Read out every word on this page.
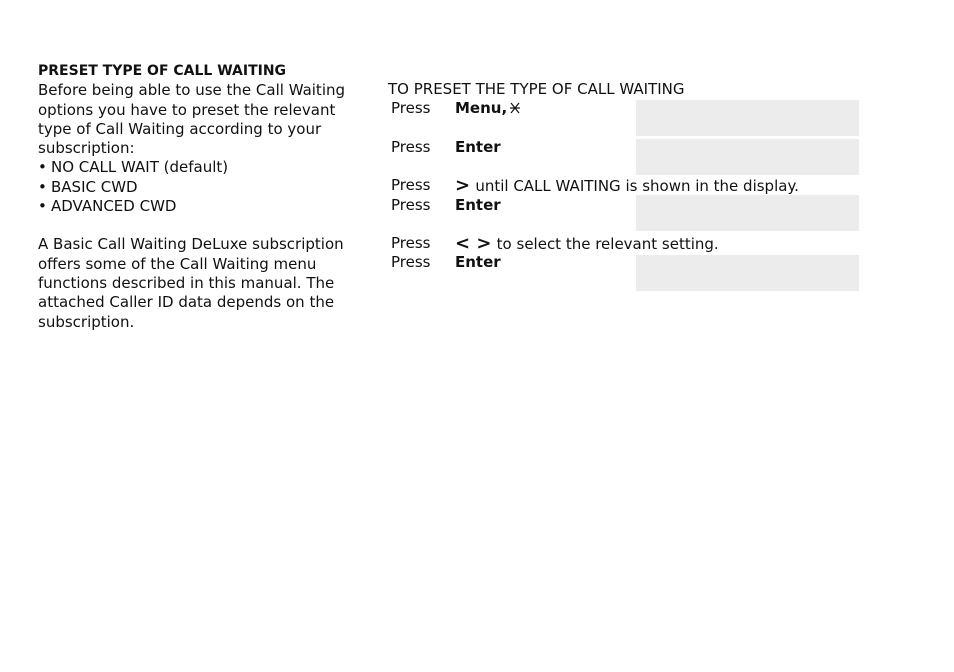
PRESET TYPE OF CALL WAITING
Before being able to use the Call Waiting
options you have to preset the relevant
type of Call Waiting according to your
subscription:
• NO CALL WAIT (default)
• BASIC CWD
• ADVANCED CWD
A Basic Call Waiting DeLuxe subscription
offers some of the Call Waiting menu
functions described in this manual. The
attached Caller ID data depends on the
subscription.
TO PRESET THE TYPE OF CALL WAITING
Press Menu,
Press Enter
Press > until CALL WAITING is shown in the display.
Press Enter
Press < > to select the relevant setting.
Press Enter
